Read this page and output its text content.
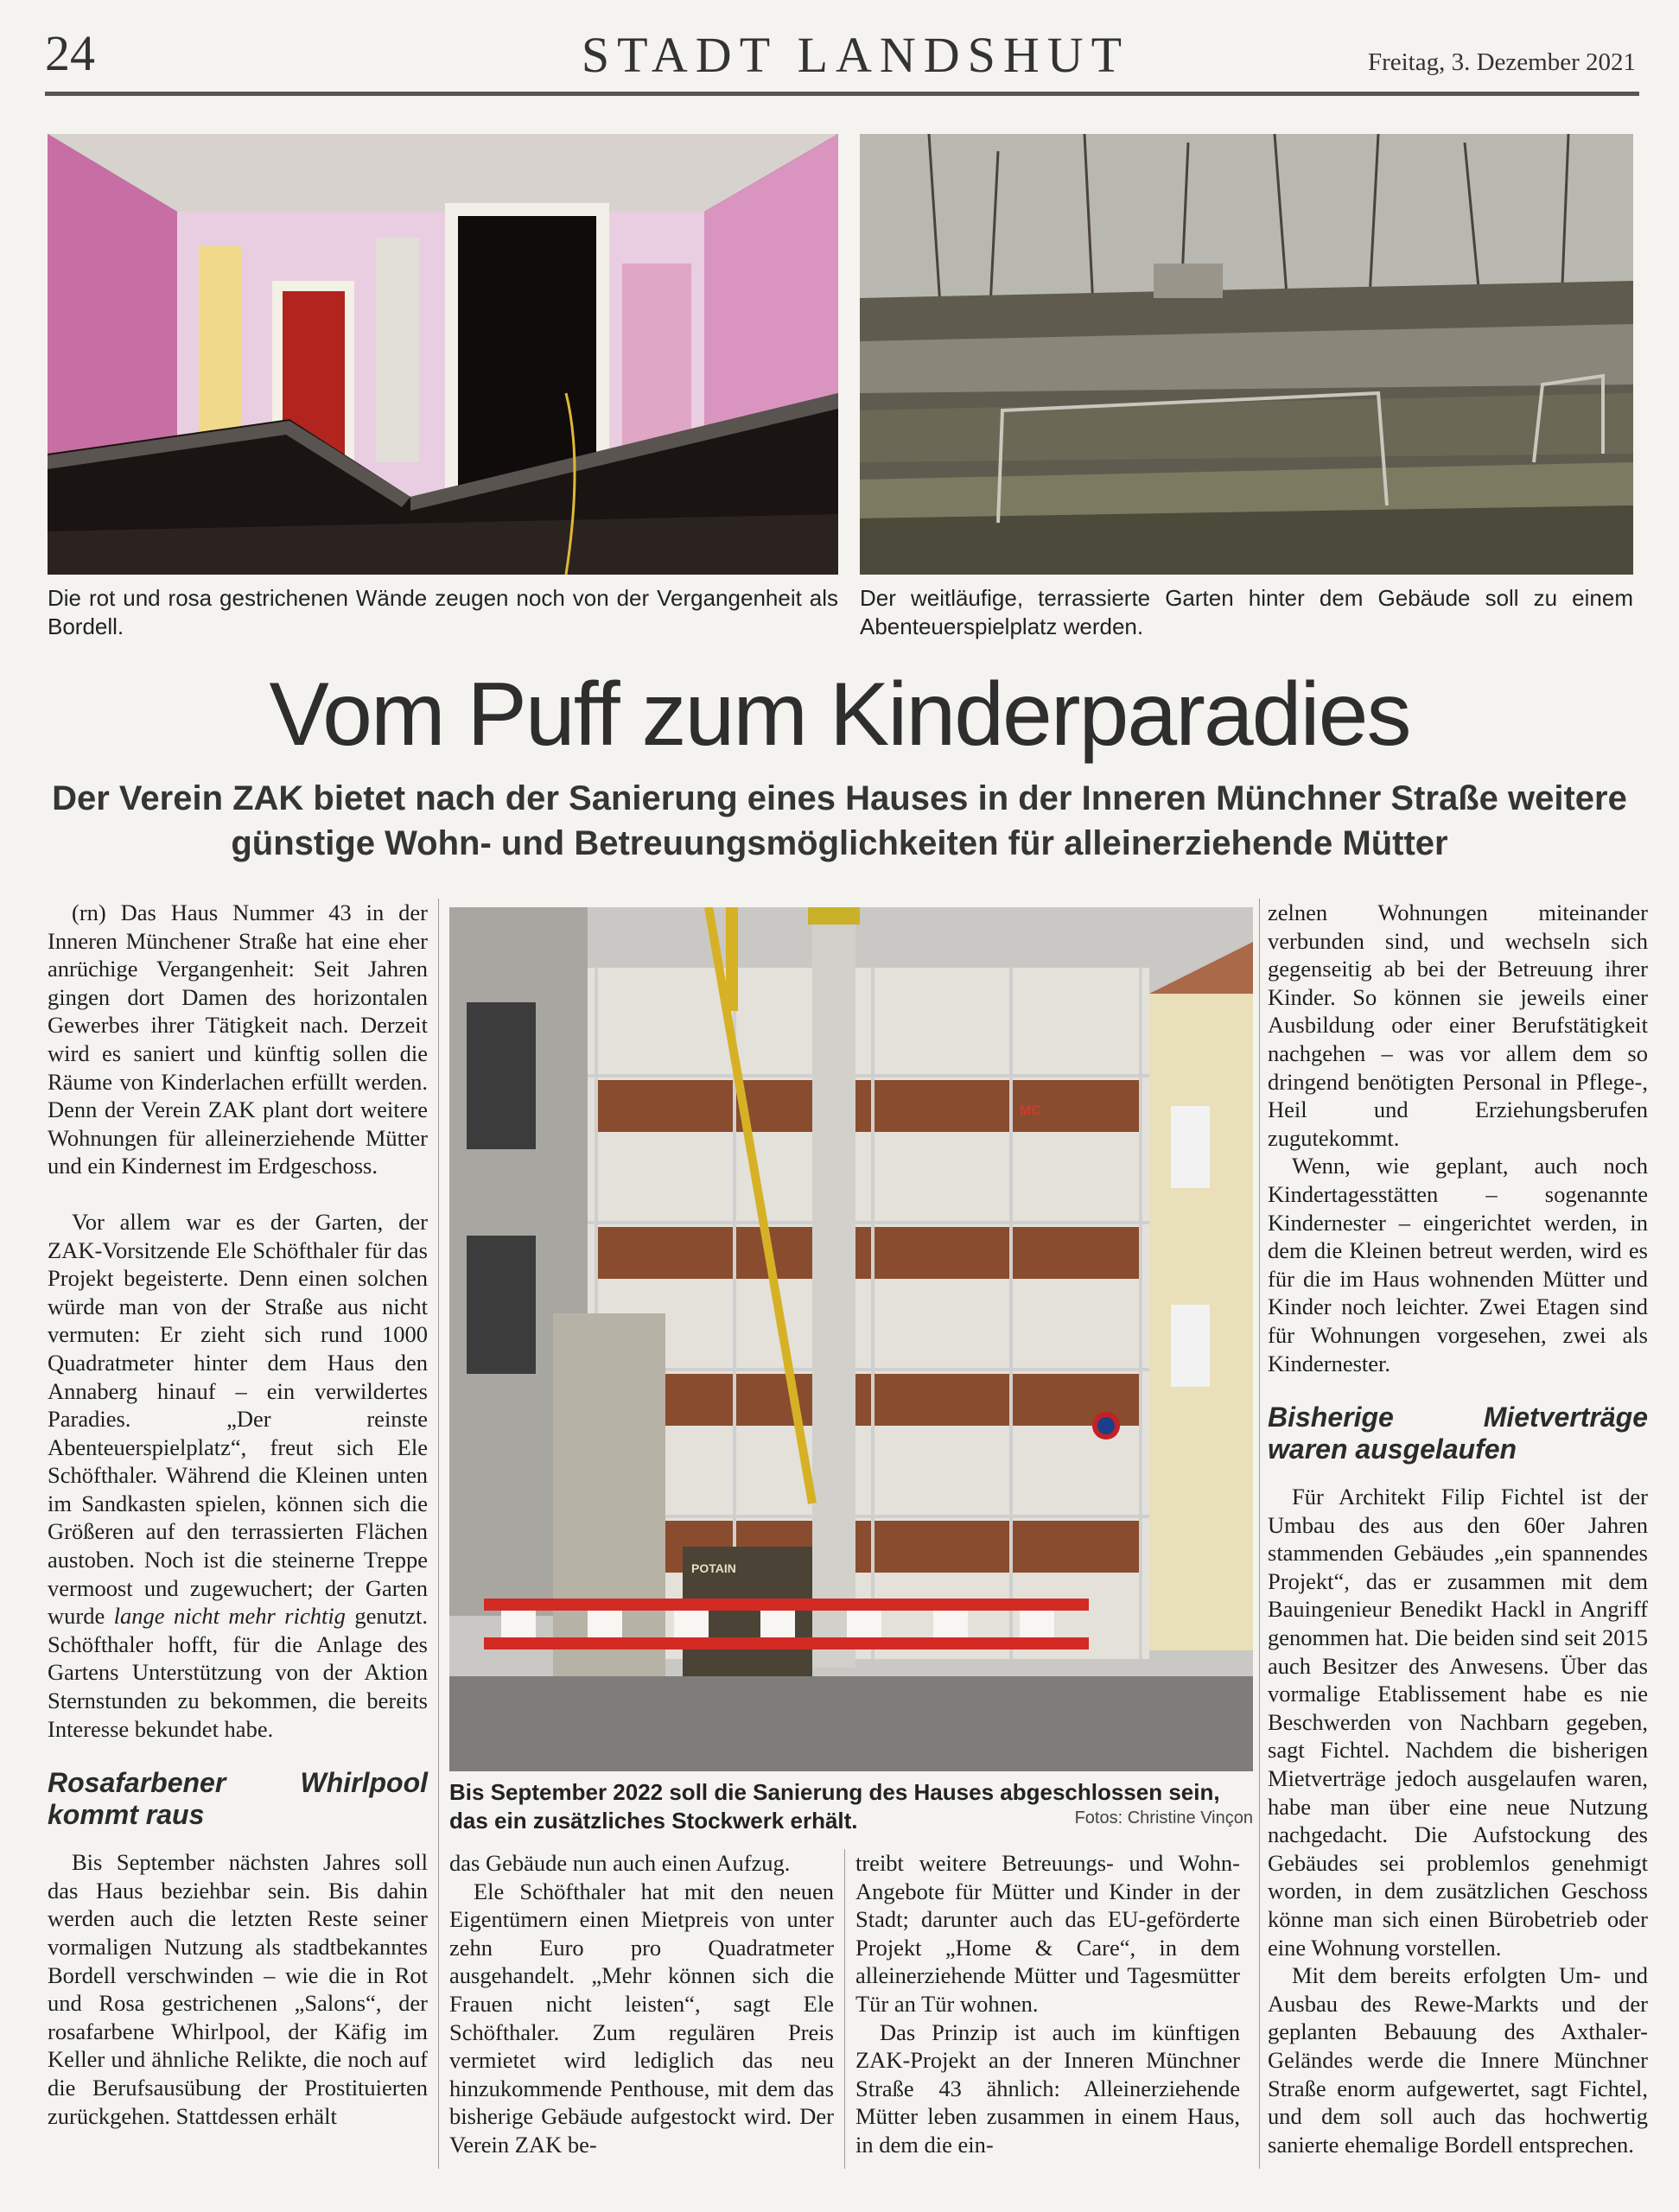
24	STADT LANDSHUT	Freitag, 3. Dezember 2021
Die rot und rosa gestrichenen Wände zeugen noch von der Vergangenheit als Bordell.
Der weitläufige, terrassierte Garten hinter dem Gebäude soll zu einem Abenteuerspielplatz werden.
Vom Puff zum Kinderparadies
Der Verein ZAK bietet nach der Sanierung eines Hauses in der Inneren Münchner Straße weitere günstige Wohn- und Betreuungsmöglichkeiten für alleinerziehende Mütter

(rn) Das Haus Nummer 43 in der Inneren Münchener Straße hat eine eher anrüchige Vergangenheit: Seit Jahren gingen dort Damen des horizontalen Gewerbes ihrer Tätigkeit nach. Derzeit wird es saniert und künftig sollen die Räume von Kinderlachen erfüllt werden. Denn der Verein ZAK plant dort weitere Wohnungen für alleinerziehende Mütter und ein Kindernest im Erdgeschoss.

Vor allem war es der Garten, der ZAK-Vorsitzende Ele Schöfthaler für das Projekt begeisterte. Denn einen solchen würde man von der Straße aus nicht vermuten: Er zieht sich rund 1000 Quadratmeter hinter dem Haus den Annaberg hinauf – ein verwildertes Paradies. „Der reinste Abenteuerspielplatz“, freut sich Ele Schöfthaler. Während die Kleinen unten im Sandkasten spielen, können sich die Größeren auf den terrassierten Flächen austoben. Noch ist die steinerne Treppe vermoost und zugewuchert; der Garten wurde lange nicht mehr richtig genutzt. Schöfthaler hofft, für die Anlage des Gartens Unterstützung von der Aktion Sternstunden zu bekommen, die bereits Interesse bekundet habe.

Rosafarbener Whirlpool kommt raus

Bis September nächsten Jahres soll das Haus beziehbar sein. Bis dahin werden auch die letzten Reste seiner vormaligen Nutzung als stadtbekanntes Bordell verschwinden – wie die in Rot und Rosa gestrichenen „Salons“, der rosafarbene Whirlpool, der Käfig im Keller und ähnliche Relikte, die noch auf die Berufsausübung der Prostituierten zurückgehen. Stattdessen erhält

MC
POTAIN
Bis September 2022 soll die Sanierung des Hauses abgeschlossen sein, das ein zusätzliches Stockwerk erhält.	Fotos: Christine Vinçon

das Gebäude nun auch einen Aufzug.

Ele Schöfthaler hat mit den neuen Eigentümern einen Mietpreis von unter zehn Euro pro Quadratmeter ausgehandelt. „Mehr können sich die Frauen nicht leisten“, sagt Ele Schöfthaler. Zum regulären Preis vermietet wird lediglich das neu hinzukommende Penthouse, mit dem das bisherige Gebäude aufgestockt wird. Der Verein ZAK be-

treibt weitere Betreuungs- und Wohn-Angebote für Mütter und Kinder in der Stadt; darunter auch das EU-geförderte Projekt „Home & Care“, in dem alleinerziehende Mütter und Tagesmütter Tür an Tür wohnen.

Das Prinzip ist auch im künftigen ZAK-Projekt an der Inneren Münchner Straße 43 ähnlich: Alleinerziehende Mütter leben zusammen in einem Haus, in dem die ein-

zelnen Wohnungen miteinander verbunden sind, und wechseln sich gegenseitig ab bei der Betreuung ihrer Kinder. So können sie jeweils einer Ausbildung oder einer Berufstätigkeit nachgehen – was vor allem dem so dringend benötigten Personal in Pflege-, Heil und Erziehungsberufen zugutekommt.

Wenn, wie geplant, auch noch Kindertagesstätten – sogenannte Kindernester – eingerichtet werden, in dem die Kleinen betreut werden, wird es für die im Haus wohnenden Mütter und Kinder noch leichter. Zwei Etagen sind für Wohnungen vorgesehen, zwei als Kindernester.

Bisherige Mietverträge waren ausgelaufen

Für Architekt Filip Fichtel ist der Umbau des aus den 60er Jahren stammenden Gebäudes „ein spannendes Projekt“, das er zusammen mit dem Bauingenieur Benedikt Hackl in Angriff genommen hat. Die beiden sind seit 2015 auch Besitzer des Anwesens. Über das vormalige Etablissement habe es nie Beschwerden von Nachbarn gegeben, sagt Fichtel. Nachdem die bisherigen Mietverträge jedoch ausgelaufen waren, habe man über eine neue Nutzung nachgedacht. Die Aufstockung des Gebäudes sei problemlos genehmigt worden, in dem zusätzlichen Geschoss könne man sich einen Bürobetrieb oder eine Wohnung vorstellen.

Mit dem bereits erfolgten Um- und Ausbau des Rewe-Markts und der geplanten Bebauung des Axthaler-Geländes werde die Innere Münchner Straße enorm aufgewertet, sagt Fichtel, und dem soll auch das hochwertig sanierte ehemalige Bordell entsprechen.
